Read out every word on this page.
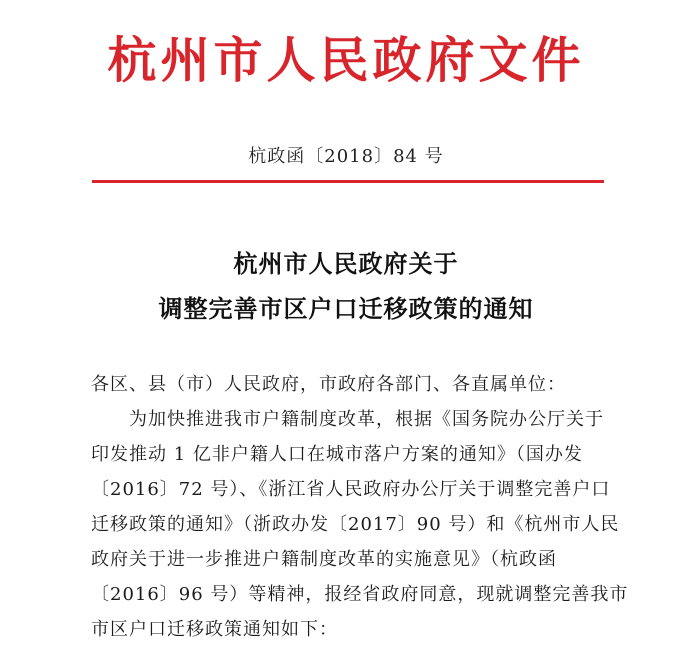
杭州市人民政府文件
杭政函〔2018〕84 号
杭州市人民政府关于
调整完善市区户口迁移政策的通知
各区、县（市）人民政府，市政府各部门、各直属单位：
　　为加快推进我市户籍制度改革，根据《国务院办公厅关于
印发推动 1 亿非户籍人口在城市落户方案的通知》（国办发
〔2016〕72 号）、《浙江省人民政府办公厅关于调整完善户口
迁移政策的通知》（浙政办发〔2017〕90 号）和《杭州市人民
政府关于进一步推进户籍制度改革的实施意见》（杭政函
〔2016〕96 号）等精神，报经省政府同意，现就调整完善我市
市区户口迁移政策通知如下：
